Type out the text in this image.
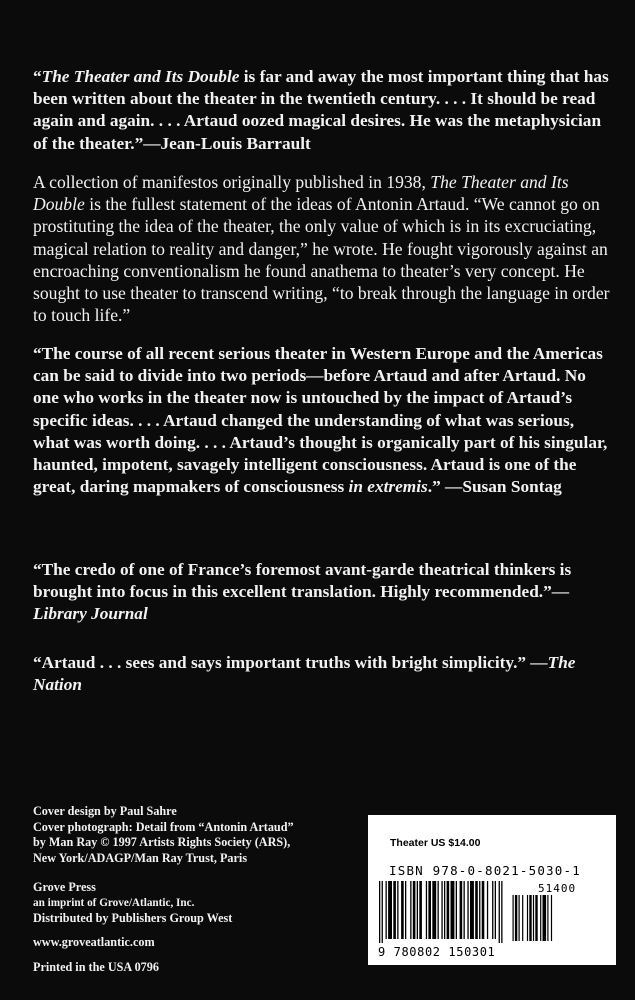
“The Theater and Its Double is far and away the most important thing that has been written about the theater in the twentieth century. . . . It should be read again and again. . . . Artaud oozed magical desires. He was the metaphysician of the theater.”—Jean-Louis Barrault

A collection of manifestos originally published in 1938, The Theater and Its Double is the fullest statement of the ideas of Antonin Artaud. “We cannot go on prostituting the idea of the theater, the only value of which is in its excruciating, magical relation to reality and danger,” he wrote. He fought vigorously against an encroaching conventionalism he found anathema to theater’s very concept. He sought to use theater to transcend writing, “to break through the language in order to touch life.”

“The course of all recent serious theater in Western Europe and the Americas can be said to divide into two periods—before Artaud and after Artaud. No one who works in the theater now is untouched by the impact of Artaud’s specific ideas. . . . Artaud changed the understanding of what was serious, what was worth doing. . . . Artaud’s thought is organically part of his singular, haunted, impotent, savagely intelligent consciousness. Artaud is one of the great, daring mapmakers of consciousness in extremis.” —Susan Sontag

“The credo of one of France’s foremost avant-garde theatrical thinkers is brought into focus in this excellent translation. Highly recommended.”—Library Journal

“Artaud . . . sees and says important truths with bright simplicity.” —The Nation

Cover design by Paul Sahre
Cover photograph: Detail from “Antonin Artaud”
by Man Ray © 1997 Artists Rights Society (ARS),
New York/ADAGP/Man Ray Trust, Paris
Grove Press
an imprint of Grove/Atlantic, Inc.
Distributed by Publishers Group West
www.groveatlantic.com
Printed in the USA 0796
Theater US $14.00
ISBN 978-0-8021-5030-1
51400
9 780802 150301
